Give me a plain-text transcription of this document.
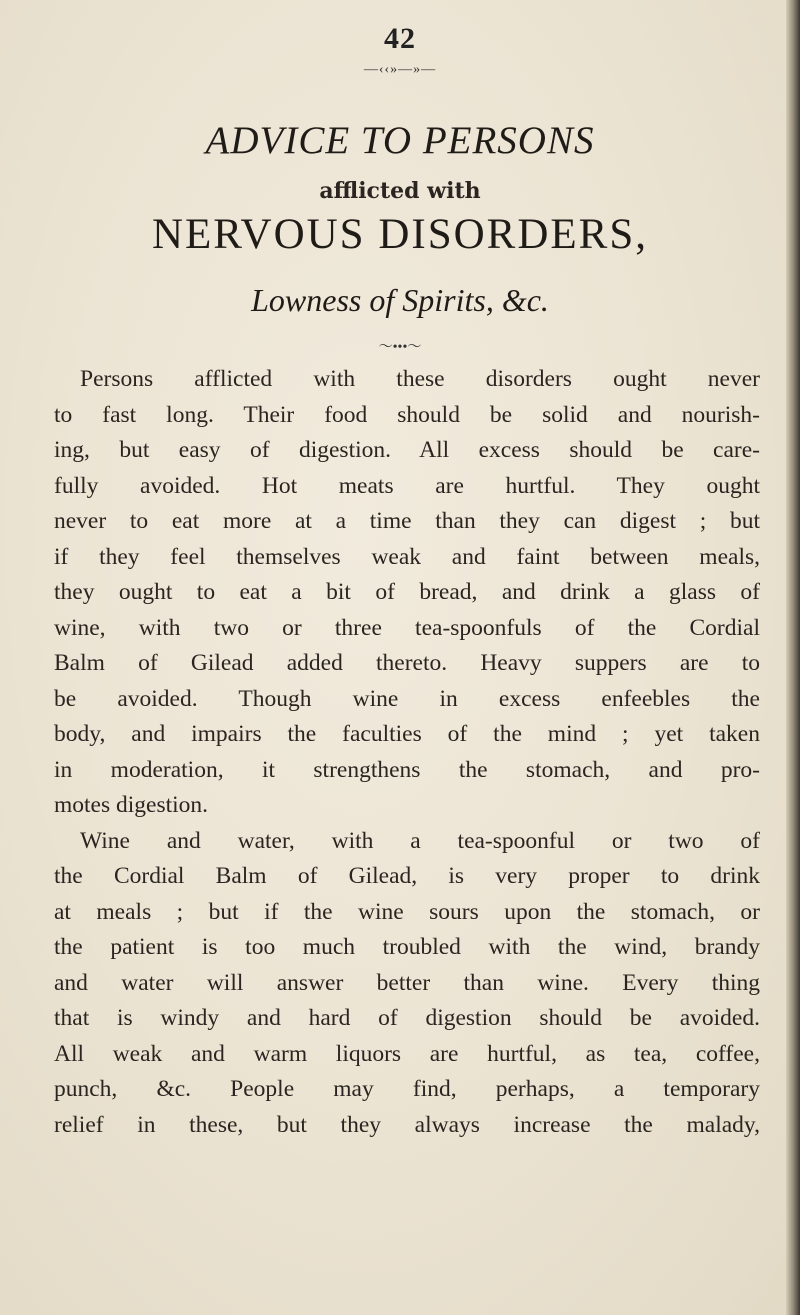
42
—‹‹»—»—
ADVICE TO PERSONS
afflicted with
NERVOUS DISORDERS,
Lowness of Spirits, &c.
〜•••〜
Persons afflicted with these disorders ought never
to fast long. Their food should be solid and nourish-
ing, but easy of digestion. All excess should be care-
fully avoided. Hot meats are hurtful. They ought
never to eat more at a time than they can digest ; but
if they feel themselves weak and faint between meals,
they ought to eat a bit of bread, and drink a glass of
wine, with two or three tea-spoonfuls of the Cordial
Balm of Gilead added thereto. Heavy suppers are to
be avoided. Though wine in excess enfeebles the
body, and impairs the faculties of the mind ; yet taken
in moderation, it strengthens the stomach, and pro-
motes digestion.
Wine and water, with a tea-spoonful or two of
the Cordial Balm of Gilead, is very proper to drink
at meals ; but if the wine sours upon the stomach, or
the patient is too much troubled with the wind, brandy
and water will answer better than wine. Every thing
that is windy and hard of digestion should be avoided.
All weak and warm liquors are hurtful, as tea, coffee,
punch, &c. People may find, perhaps, a temporary
relief in these, but they always increase the malady,
